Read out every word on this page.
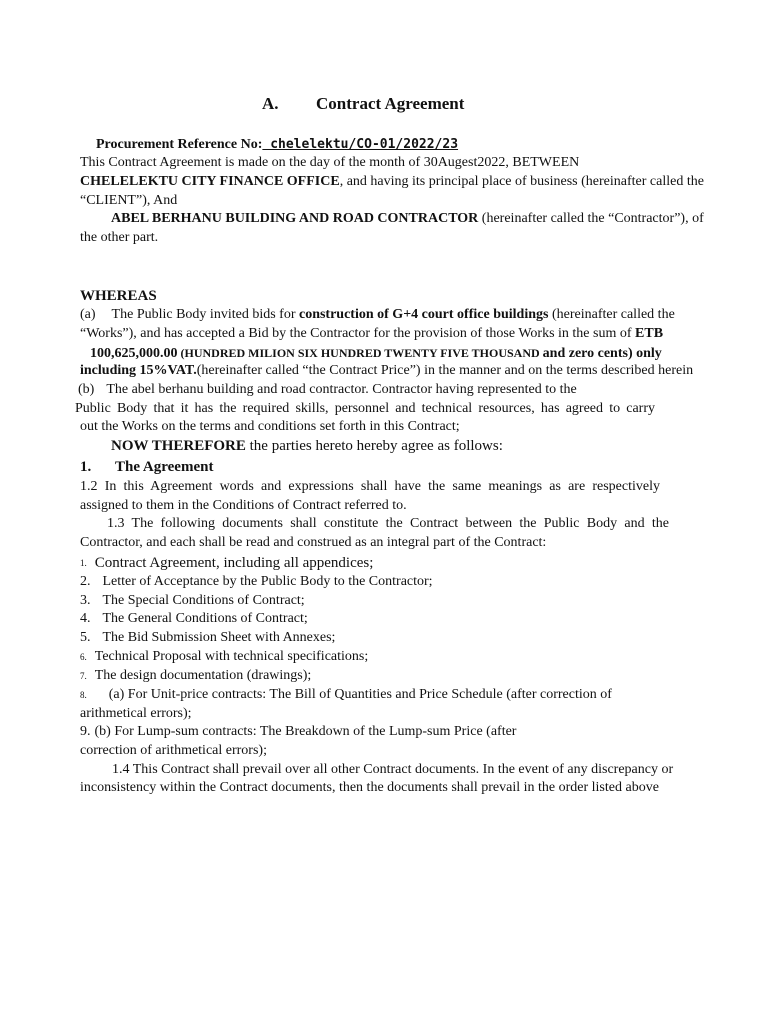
A. Contract Agreement
Procurement Reference No: chelelektu/CO-01/2022/23
This Contract Agreement is made on the day of the month of 30Augest2022, BETWEEN
CHELELEKTU CITY FINANCE OFFICE, and having its principal place of business (hereinafter called the
“CLIENT”), And
ABEL BERHANU BUILDING AND ROAD CONTRACTOR (hereinafter called the “Contractor”), of
the other part.
WHEREAS
(a) The Public Body invited bids for construction of G+4 court office buildings (hereinafter called the
“Works”), and has accepted a Bid by the Contractor for the provision of those Works in the sum of ETB
100,625,000.00 (HUNDRED MILION SIX HUNDRED TWENTY FIVE THOUSAND and zero cents) only
including 15%VAT.(hereinafter called “the Contract Price”) in the manner and on the terms described herein
(b) The abel berhanu building and road contractor. Contractor having represented to the
Public Body that it has the required skills, personnel and technical resources, has agreed to carry
out the Works on the terms and conditions set forth in this Contract;
NOW THEREFORE the parties hereto hereby agree as follows:
1. The Agreement
1.2 In this Agreement words and expressions shall have the same meanings as are respectively
assigned to them in the Conditions of Contract referred to.
1.3 The following documents shall constitute the Contract between the Public Body and the
Contractor, and each shall be read and construed as an integral part of the Contract:
$^{1.}$ Contract Agreement, including all appendices;
2. Letter of Acceptance by the Public Body to the Contractor;
3. The Special Conditions of Contract;
4. The General Conditions of Contract;
5. The Bid Submission Sheet with Annexes;
6. Technical Proposal with technical specifications;
7. The design documentation (drawings);
8. (a) For Unit-price contracts: The Bill of Quantities and Price Schedule (after correction of
arithmetical errors);
9. (b) For Lump-sum contracts: The Breakdown of the Lump-sum Price (after
correction of arithmetical errors);
1.4 This Contract shall prevail over all other Contract documents. In the event of any discrepancy or
inconsistency within the Contract documents, then the documents shall prevail in the order listed above
